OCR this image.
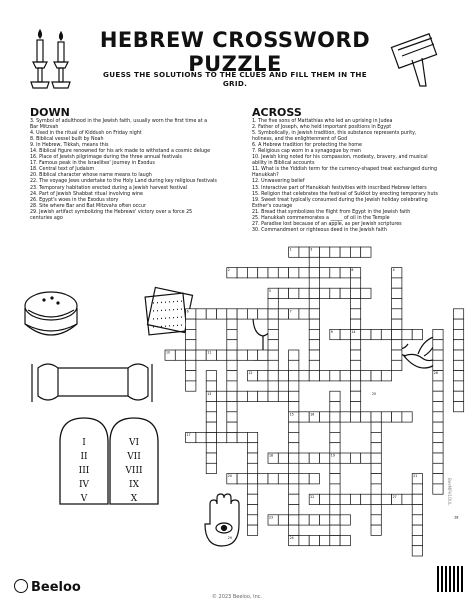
HEBREW CROSSWORD PUZZLE
GUESS THE SOLUTIONS TO THE CLUES AND FILL THEM IN THE GRID.
DOWN
3. Symbol of adulthood in the Jewish faith, usually worn the first time at a
Bar Mitzvah
4. Used in the ritual of Kiddush on Friday night
8. Biblical vessel built by Noah
9. In Hebrew, Tikkah, means this
14. Biblical figure renowned for his ark made to withstand a cosmic deluge
16. Place of Jewish pilgrimage during the three annual festivals
17. Famous peak in the Israelites' journey in Exodus
18. Central text of Judaism
20. Biblical character whose name means to laugh
22. The voyage Jews undertake to the Holy Land during key religious festivals
23. Temporary habitation erected during a Jewish harvest festival
24. Part of Jewish Shabbat ritual involving wine
26. Egypt's woes in the Exodus story
28. Site where Bar and Bat Mitzvahs often occur
29. Jewish artifact symbolizing the Hebrews' victory over a force 25
centuries ago
ACROSS
1. The five sons of Mattathias who led an uprising in Judea
2. Father of Joseph, who held important positions in Egypt
5. Symbolically, in Jewish tradition, this substance represents purity,
holiness, and the enlightenment of God
6. A Hebrew tradition for protecting the home
7. Religious cap worn in a synagogue by men
10. Jewish king noted for his compassion, modesty, bravery, and musical
ability in Biblical accounts
11. What is the Yiddish term for the currency-shaped treat exchanged during
Hanukkah?
12. Unwavering belief
13. Interactive part of Hanukkah festivities with inscribed Hebrew letters
15. Religion that celebrates the festival of Sukkot by erecting temporary huts
19. Sweet treat typically consumed during the Jewish holiday celebrating
Esther's courage
21. Bread that symbolizes the flight from Egypt in the Jewish faith
25. Hanukkah commemorates a _____ of oil in the Temple
27. Paradise lost because of an apple, as per Jewish scriptures
30. Commandment or righteous deed in the Jewish faith
I
II
III
IV
V
VI
VII
VIII
IX
X
1
2
3
4
5
6	7
8
9
10	11
12
13
14
15	16
17
18	19
20	21
22
23
24
25
26
27
28
29
Beeloo
© 2023 Beeloo, Inc.
BeeMPH1DUL
